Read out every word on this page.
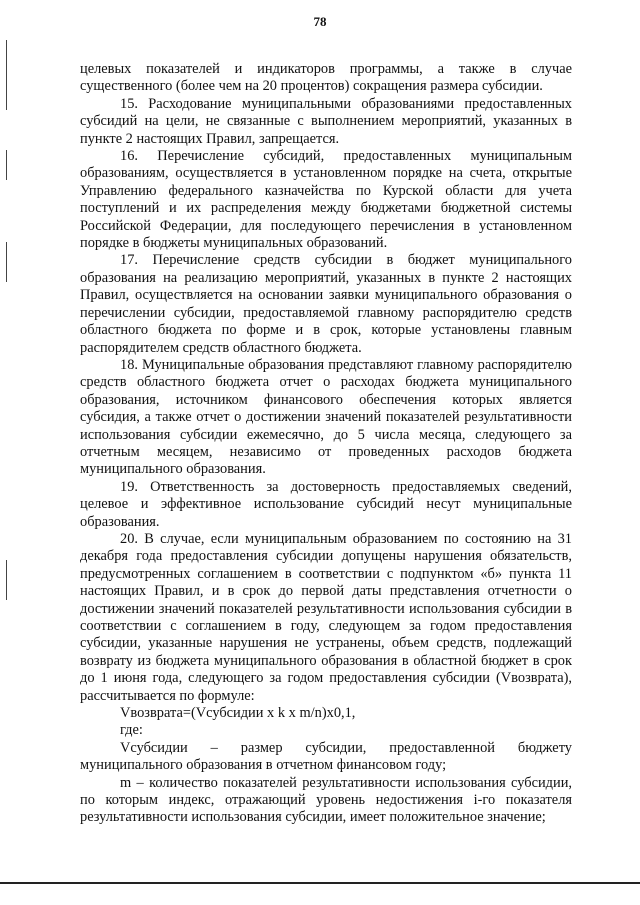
78

целевых показателей и индикаторов программы, а также в случае существенного (более чем на 20 процентов) сокращения размера субсидии.

15. Расходование муниципальными образованиями предоставленных субсидий на цели, не связанные с выполнением мероприятий, указанных в пункте 2 настоящих Правил, запрещается.

16. Перечисление субсидий, предоставленных муниципальным образованиям, осуществляется в установленном порядке на счета, открытые Управлению федерального казначейства по Курской области для учета поступлений и их распределения между бюджетами бюджетной системы Российской Федерации, для последующего перечисления в установленном порядке в бюджеты муниципальных образований.

17. Перечисление средств субсидии в бюджет муниципального образования на реализацию мероприятий, указанных в пункте 2 настоящих Правил, осуществляется на основании заявки муниципального образования о перечислении субсидии, предоставляемой главному распорядителю средств областного бюджета по форме и в срок, которые установлены главным распорядителем средств областного бюджета.

18. Муниципальные образования представляют главному распорядителю средств областного бюджета отчет о расходах бюджета муниципального образования, источником финансового обеспечения которых является субсидия, а также отчет о достижении значений показателей результативности использования субсидии ежемесячно, до 5 числа месяца, следующего за отчетным месяцем, независимо от проведенных расходов бюджета муниципального образования.

19. Ответственность за достоверность предоставляемых сведений, целевое и эффективное использование субсидий несут муниципальные образования.

20. В случае, если муниципальным образованием по состоянию на 31 декабря года предоставления субсидии допущены нарушения обязательств, предусмотренных соглашением в соответствии с подпунктом «б» пункта 11 настоящих Правил, и в срок до первой даты представления отчетности о достижении значений показателей результативности использования субсидии в соответствии с соглашением в году, следующем за годом предоставления субсидии, указанные нарушения не устранены, объем средств, подлежащий возврату из бюджета муниципального образования в областной бюджет в срок до 1 июня года, следующего за годом предоставления субсидии (Vвозврата), рассчитывается по формуле:

Vвозврата=(Vсубсидии x k x m/n)x0,1,

где:

Vсубсидии – размер субсидии, предоставленной бюджету муниципального образования в отчетном финансовом году;

m – количество показателей результативности использования субсидии, по которым индекс, отражающий уровень недостижения i-го показателя результативности использования субсидии, имеет положительное значение;
